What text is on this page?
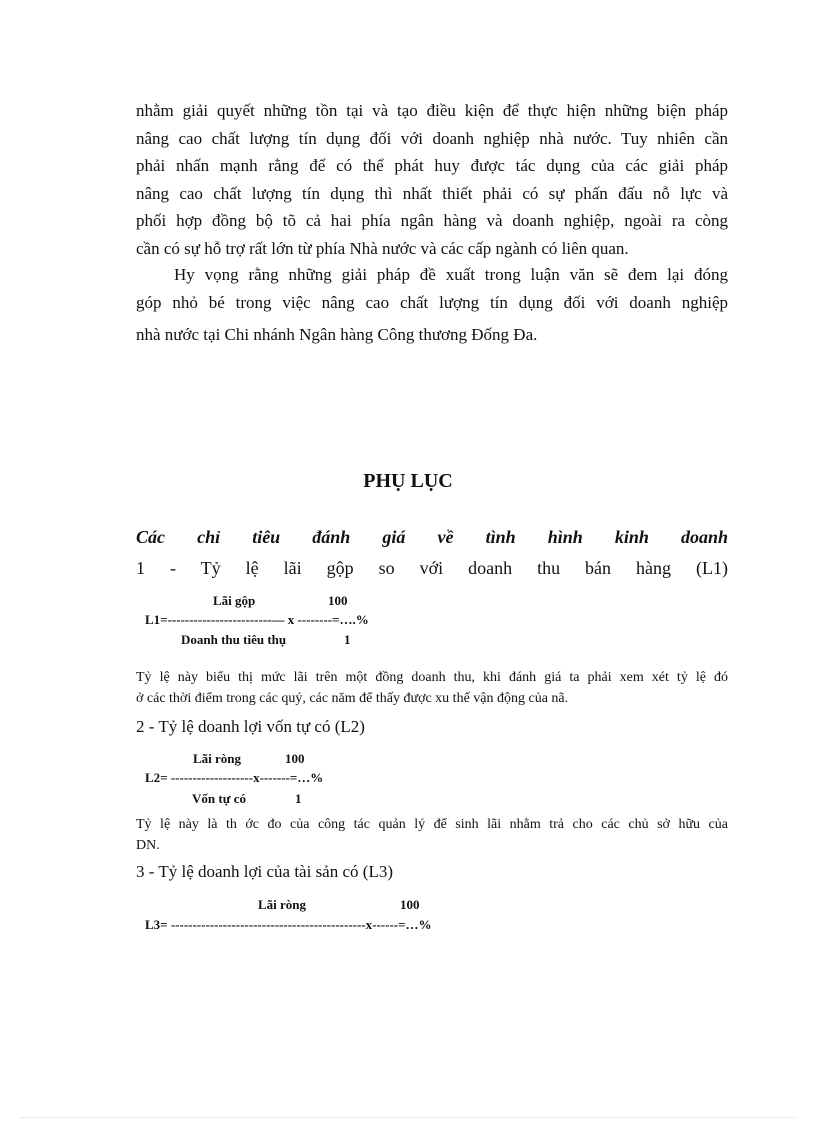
nhằm giải quyết những tồn tại và tạo điều kiện để thực hiện những biện pháp
nâng cao chất lượng tín dụng đối với doanh nghiệp nhà nước. Tuy nhiên cần
phải nhấn mạnh rằng để có thể phát huy được tác dụng của các giải pháp
nâng cao chất lượng tín dụng thì nhất thiết phải có sự phấn đấu nỗ lực và
phối hợp đồng bộ tõ cả hai phía ngân hàng và doanh nghiệp, ngoài ra còng
cần có sự hỗ trợ rất lớn từ phía Nhà nước và các cấp ngành có liên quan.
Hy vọng rằng những giải pháp đề xuất trong luận văn sẽ đem lại đóng
góp nhỏ bé trong việc nâng cao chất lượng tín dụng đối với doanh nghiệp
nhà nước tại Chi nhánh Ngân hàng Công thương Đống Đa.
PHỤ LỤC
Các chỉ tiêu đánh giá về tình hình kinh doanh
1 - Tỷ lệ lãi gộp so với doanh thu bán hàng (L1)
Lãi gộp	100
L1=------------------------— x --------=….%
Doanh thu tiêu thụ	1
Tỷ lệ này biểu thị mức lãi trên một đồng doanh thu, khi đánh giá ta phải xem xét tỷ lệ đó
ở các thời điểm trong các quý, các năm để thấy được xu thế vận động của nã.
2 - Tỷ lệ doanh lợi vốn tự có (L2)
Lãi ròng	100
L2= -------------------x-------=…%
Vốn tự có	1
Tỷ lệ này là th ớc đo của công tác quản lý để sinh lãi nhằm trả cho các chủ sở hữu của
DN.
3 - Tỷ lệ doanh lợi của tài sản có (L3)
Lãi ròng	100
L3= ---------------------------------------------x------=…%
